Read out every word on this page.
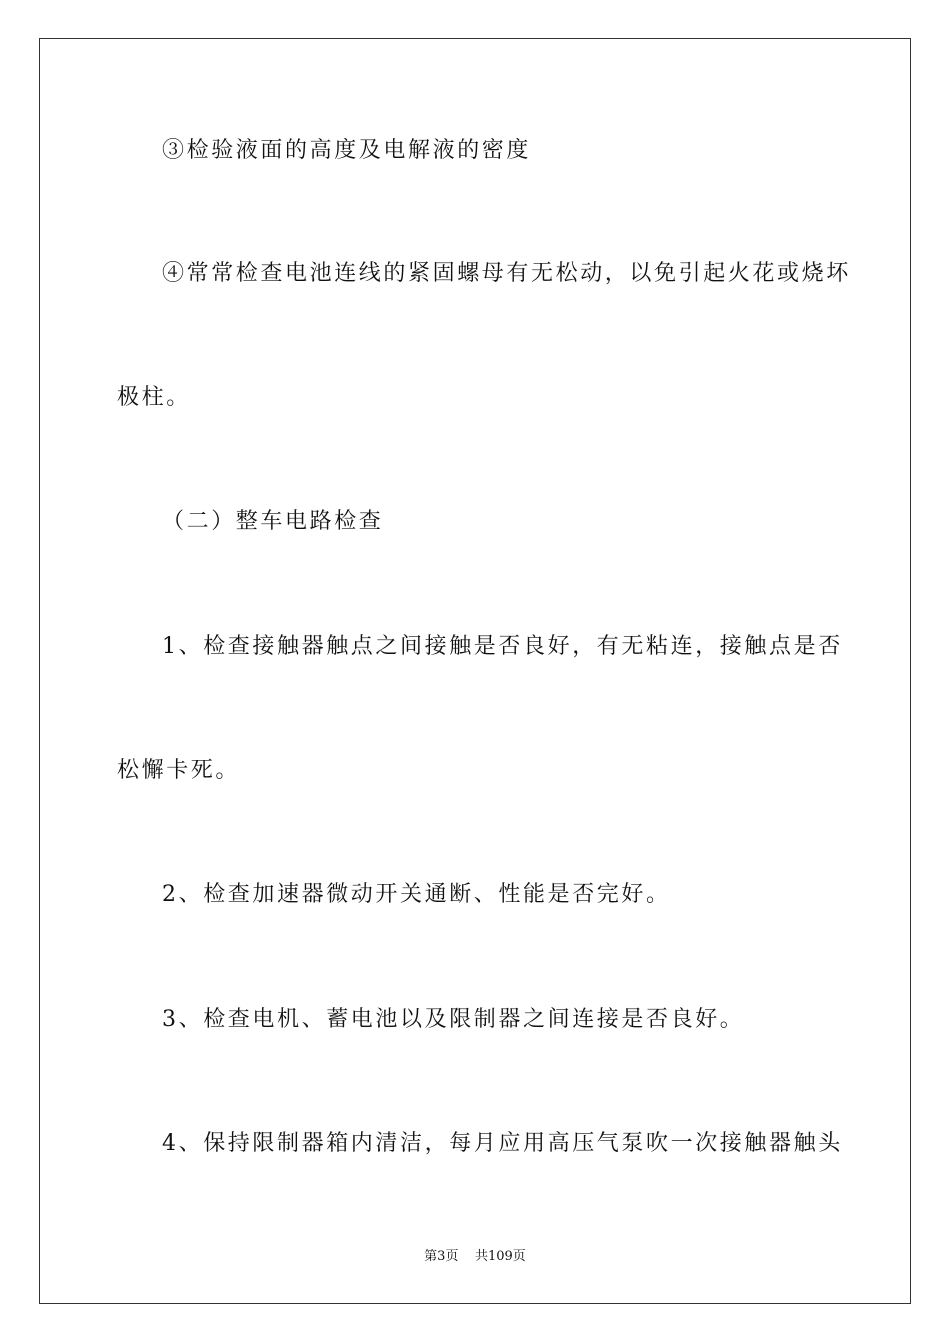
③检验液面的高度及电解液的密度
④常常检查电池连线的紧固螺母有无松动，以免引起火花或烧坏
极柱。
（二）整车电路检查
1、检查接触器触点之间接触是否良好，有无粘连，接触点是否
松懈卡死。
2、检查加速器微动开关通断、性能是否完好。
3、检查电机、蓄电池以及限制器之间连接是否良好。
4、保持限制器箱内清洁，每月应用高压气泵吹一次接触器触头
第3页 共109页
